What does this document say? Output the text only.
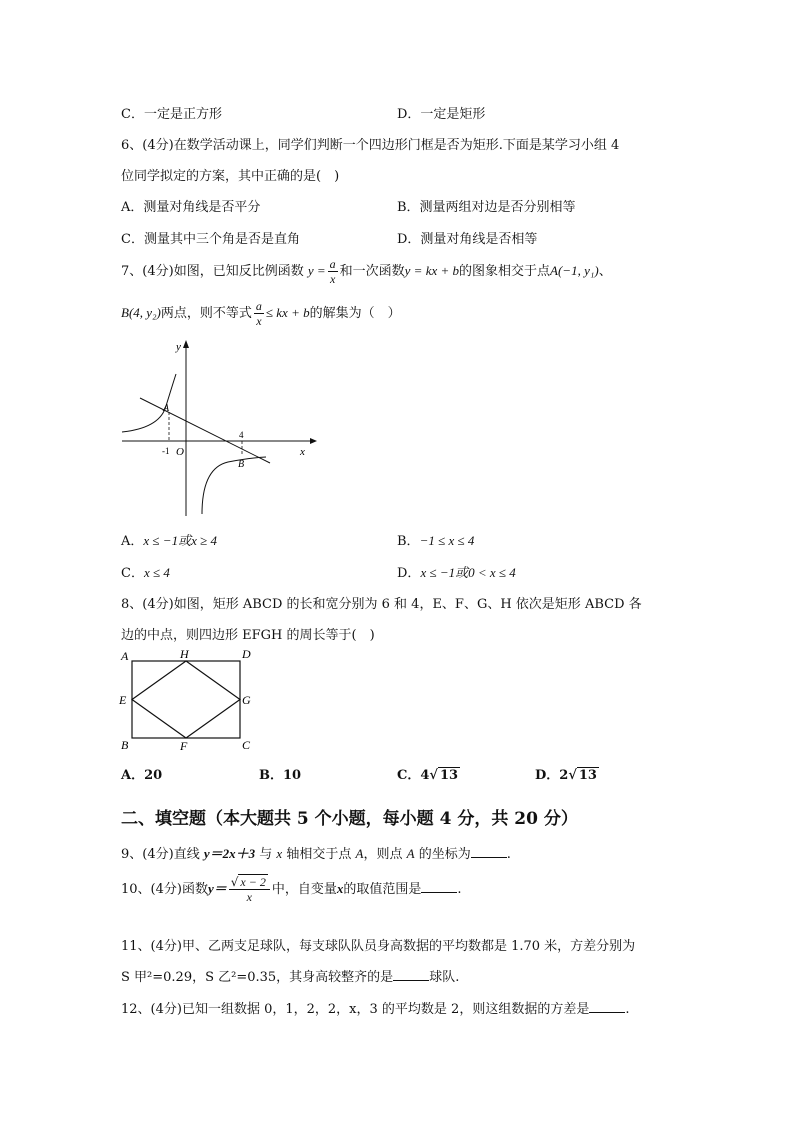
C．一定是正方形	D．一定是矩形
6、(4分)在数学活动课上，同学们判断一个四边形门框是否为矩形.下面是某学习小组 4
位同学拟定的方案，其中正确的是(　)
A．测量对角线是否平分	B．测量两组对边是否分别相等
C．测量其中三个角是否是直角	D．测量对角线是否相等
7、(4分)如图，已知反比例函数 $y = \frac{a}{x}$ 和一次函数y = kx + b的图象相交于点A(−1, y₁)、
B(4, y₂)两点，则不等式 $\frac{a}{x}$ ≤ kx + b的解集为（　）
y
x
O
A
B
-1
4
A．x ≤ −1或x ≥ 4	B．−1 ≤ x ≤ 4
C．x ≤ 4	D．x ≤ −1或0 < x ≤ 4
8、(4分)如图，矩形 ABCD 的长和宽分别为 6 和 4，E、F、G、H 依次是矩形 ABCD 各
边的中点，则四边形 EFGH 的周长等于(　)
A	H	D
E	G
B	F	C
A．20	B．10	C．4√ 13	D．2√ 13
二、填空题（本大题共 5 个小题，每小题 4 分，共 20 分）
9、(4分)直线 y＝2x＋3 与 x 轴相交于点 A，则点 A 的坐标为	.
10、(4分)函数$y= \frac{√ x - 2}{x}$ 中，自变量x的取值范围是	.
11、(4分)甲、乙两支足球队，每支球队队员身高数据的平均数都是 1.70 米，方差分别为
S 甲²=0.29，S 乙²=0.35，其身高较整齐的是	球队.
12、(4分)已知一组数据 0，1，2，2，x，3 的平均数是 2，则这组数据的方差是	.
